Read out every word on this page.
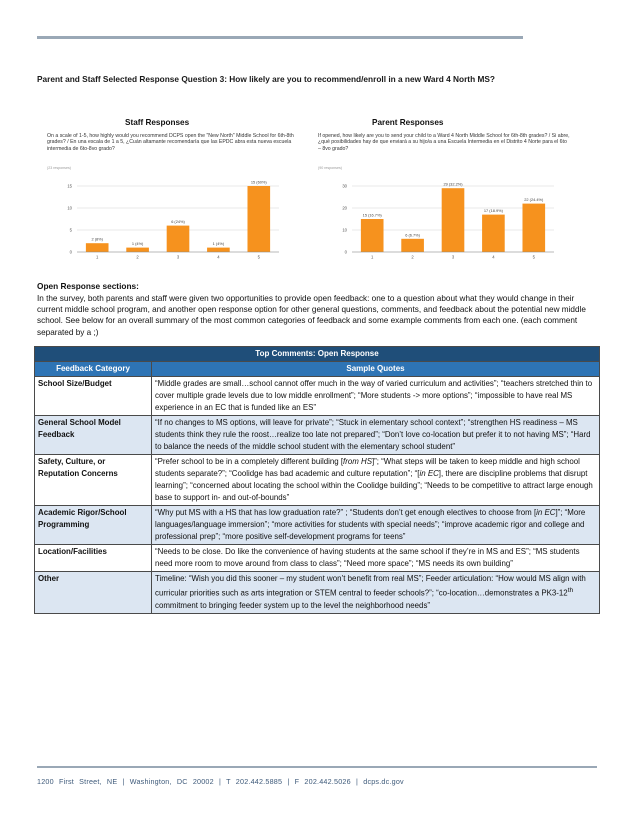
Parent and Staff Selected Response Question 3: How likely are you to recommend/enroll in a new Ward 4 North MS?
Staff Responses
On a scale of 1-5, how highly would you recommend DCPS open the "New North" Middle School for 6th-8th grades? / En una escala de 1 a 5, ¿Cuán altamante recomendaría que las EPDC abra esta nueva escuela intermedia de 6to-8vo grado?
(23 responses)
0
5
10
15
2 (8%)
1
1 (4%)
2
6 (24%)
3
1 (4%)
4
15 (60%)
5
Parent Responses
If opened, how likely are you to send your child to a Ward 4 North Middle School for 6th-8th grades? / Si abre, ¿qué posibilidades hay de que enviará a su hijo/a a una Escuela Intermedia en el Distrito 4 Norte para el 6to – 8vo grado?
(90 responses)
0
10
20
30
15 (16.7%)
1
6 (6.7%)
2
29 (32.2%)
3
17 (18.9%)
4
22 (24.4%)
5
Open Response sections:
In the survey, both parents and staff were given two opportunities to provide open feedback: one to a question about what they would change in their current middle school program, and another open response option for other general questions, comments, and feedback about the potential new middle school. See below for an overall summary of the most common categories of feedback and some example comments from each one. (each comment separated by a ;)
Top Comments: Open Response	
Feedback Category	Sample Quotes
School Size/Budget	“Middle grades are small…school cannot offer much in the way of varied curriculum and activities”; “teachers stretched thin to cover multiple grade levels due to low middle enrollment”; “More students -> more options”; “impossible to have real MS experience in an EC that is funded like an ES”
General School Model Feedback	“If no changes to MS options, will leave for private”; “Stuck in elementary school context”; “strengthen HS readiness – MS students think they rule the roost…realize too late not prepared”; “Don’t love co-location but prefer it to not having MS”; “Hard to balance the needs of the middle school student with the elementary school student”
Safety, Culture, or Reputation Concerns	“Prefer school to be in a completely different building [from HS]”; “What steps will be taken to keep middle and high school students separate?”; “Coolidge has bad academic and culture reputation”; “[in EC], there are discipline problems that disrupt learning”; “concerned about locating the school within the Coolidge building”; “Needs to be competitive to attract large enough base to support in- and out-of-bounds”
Academic Rigor/School Programming	“Why put MS with a HS that has low graduation rate?” ; “Students don’t get enough electives to choose from [in EC]”; “More languages/language immersion”; “more activities for students with special needs”; “improve academic rigor and college and professional prep”; “more positive self-development programs for teens”
Location/Facilities	“Needs to be close. Do like the convenience of having students at the same school if they’re in MS and ES”; “MS students need more room to move around from class to class”; “Need more space”; “MS needs its own building”
Other	Timeline: “Wish you did this sooner – my student won’t benefit from real MS”; Feeder articulation: “How would MS align with curricular priorities such as arts integration or STEM central to feeder schools?”; “co-location…demonstrates a PK3-12th commitment to bringing feeder system up to the level the neighborhood needs”
1200 First Street, NE | Washington, DC 20002 | T 202.442.5885 | F 202.442.5026 | dcps.dc.gov
